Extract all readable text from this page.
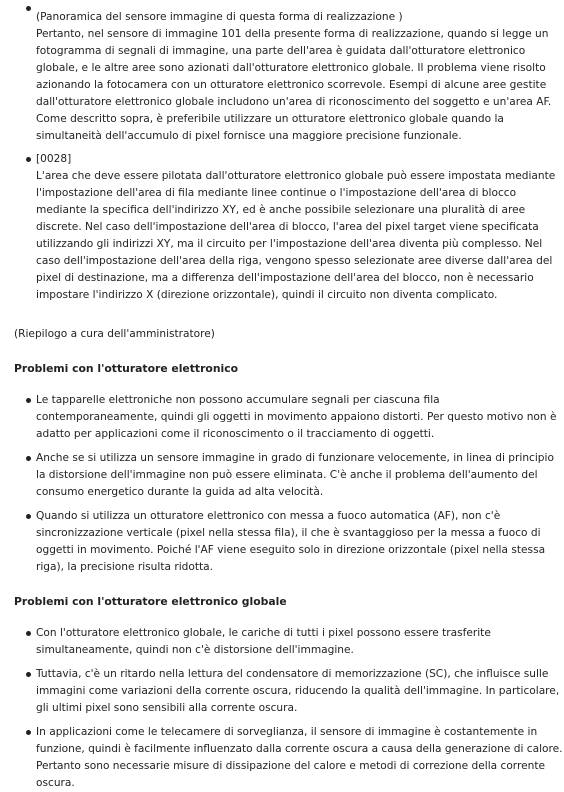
(Panoramica del sensore immagine di questa forma di realizzazione )
Pertanto, nel sensore di immagine 101 della presente forma di realizzazione, quando si legge un fotogramma di segnali di immagine, una parte dell'area è guidata dall'otturatore elettronico globale, e le altre aree sono azionati dall'otturatore elettronico globale. Il problema viene risolto azionando la fotocamera con un otturatore elettronico scorrevole. Esempi di alcune aree gestite dall'otturatore elettronico globale includono un'area di riconoscimento del soggetto e un'area AF. Come descritto sopra, è preferibile utilizzare un otturatore elettronico globale quando la simultaneità dell'accumulo di pixel fornisce una maggiore precisione funzionale.
[0028]
L'area che deve essere pilotata dall'otturatore elettronico globale può essere impostata mediante l'impostazione dell'area di fila mediante linee continue o l'impostazione dell'area di blocco mediante la specifica dell'indirizzo XY, ed è anche possibile selezionare una pluralità di aree discrete. Nel caso dell'impostazione dell'area di blocco, l'area del pixel target viene specificata utilizzando gli indirizzi XY, ma il circuito per l'impostazione dell'area diventa più complesso. Nel caso dell'impostazione dell'area della riga, vengono spesso selezionate aree diverse dall'area del pixel di destinazione, ma a differenza dell'impostazione dell'area del blocco, non è necessario impostare l'indirizzo X (direzione orizzontale), quindi il circuito non diventa complicato.
(Riepilogo a cura dell'amministratore)
Problemi con l'otturatore elettronico
Le tapparelle elettroniche non possono accumulare segnali per ciascuna fila contemporaneamente, quindi gli oggetti in movimento appaiono distorti. Per questo motivo non è adatto per applicazioni come il riconoscimento o il tracciamento di oggetti.
Anche se si utilizza un sensore immagine in grado di funzionare velocemente, in linea di principio la distorsione dell'immagine non può essere eliminata. C'è anche il problema dell'aumento del consumo energetico durante la guida ad alta velocità.
Quando si utilizza un otturatore elettronico con messa a fuoco automatica (AF), non c'è sincronizzazione verticale (pixel nella stessa fila), il che è svantaggioso per la messa a fuoco di oggetti in movimento. Poiché l'AF viene eseguito solo in direzione orizzontale (pixel nella stessa riga), la precisione risulta ridotta.
Problemi con l'otturatore elettronico globale
Con l'otturatore elettronico globale, le cariche di tutti i pixel possono essere trasferite simultaneamente, quindi non c'è distorsione dell'immagine.
Tuttavia, c'è un ritardo nella lettura del condensatore di memorizzazione (SC), che influisce sulle immagini come variazioni della corrente oscura, riducendo la qualità dell'immagine. In particolare, gli ultimi pixel sono sensibili alla corrente oscura.
In applicazioni come le telecamere di sorveglianza, il sensore di immagine è costantemente in funzione, quindi è facilmente influenzato dalla corrente oscura a causa della generazione di calore. Pertanto sono necessarie misure di dissipazione del calore e metodi di correzione della corrente oscura.
